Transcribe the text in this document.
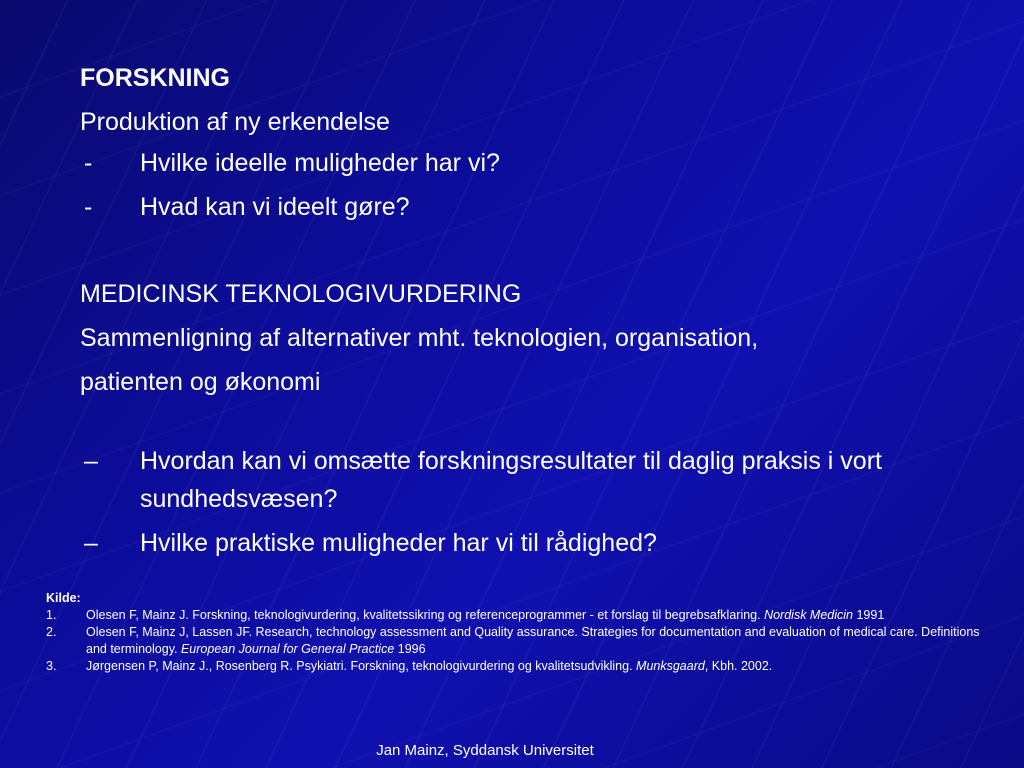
FORSKNING
Produktion af ny erkendelse
-	Hvilke ideelle muligheder har vi?
-	Hvad kan vi ideelt gøre?
MEDICINSK TEKNOLOGIVURDERING
Sammenligning af alternativer mht. teknologien, organisation,
patienten og økonomi
–	Hvordan kan vi omsætte forskningsresultater til daglig praksis i vort sundhedsvæsen?
–	Hvilke praktiske muligheder har vi til rådighed?
Kilde:
1.	Olesen F, Mainz J. Forskning, teknologivurdering, kvalitetssikring og referenceprogrammer - et forslag til begrebsafklaring. Nordisk Medicin 1991
2.	Olesen F, Mainz J, Lassen JF. Research, technology assessment and Quality assurance. Strategies for documentation and evaluation of medical care. Definitions and terminology. European Journal for General Practice 1996
3.	Jørgensen P, Mainz J., Rosenberg R. Psykiatri. Forskning, teknologivurdering og kvalitetsudvikling. Munksgaard, Kbh. 2002.
Jan Mainz, Syddansk Universitet
